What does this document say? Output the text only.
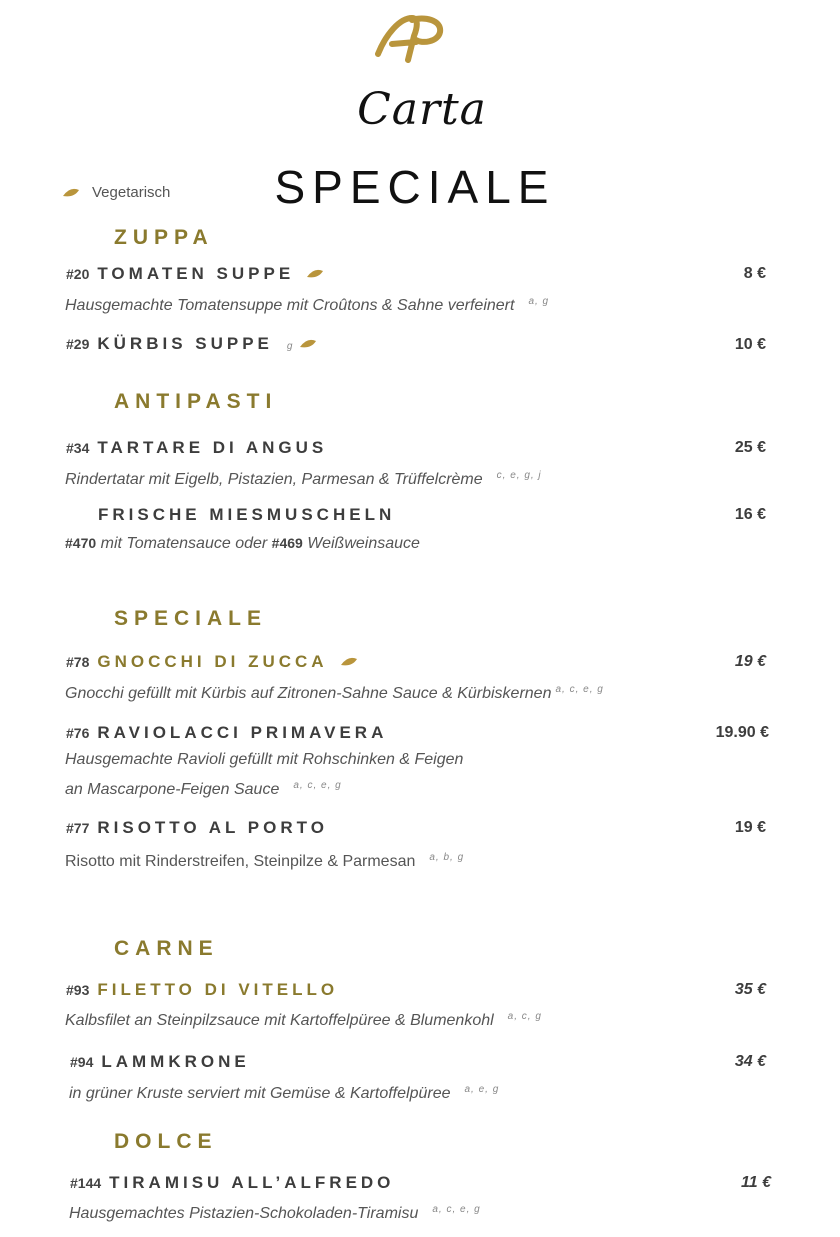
Carta
SPECIALE
Vegetarisch
ZUPPA
#20 TOMATEN SUPPE	8 €
Hausgemachte Tomatensuppe mit Croûtons & Sahne verfeinert $^{a, g}$
#29 KÜRBIS SUPPE g	10 €
ANTIPASTI
#34 TARTARE DI ANGUS	25 €
Rindertatar mit Eigelb, Pistazien, Parmesan & Trüffelcrème $^{c, e, g, j}$
FRISCHE MIESMUSCHELN	16 €
#470 mit Tomatensauce oder #469 Weißweinsauce
SPECIALE
#78 GNOCCHI DI ZUCCA	19 €
Gnocchi gefüllt mit Kürbis auf Zitronen-Sahne Sauce & Kürbiskernen $^{a, c, e, g}$
#76 RAVIOLACCI PRIMAVERA	19.90 €
Hausgemachte Ravioli gefüllt mit Rohschinken & Feigen
an Mascarpone-Feigen Sauce $^{a, c, e, g}$
#77 RISOTTO AL PORTO	19 €
Risotto mit Rinderstreifen, Steinpilze & Parmesan $^{a, b, g}$
CARNE
#93 FILETTO DI VITELLO	35 €
Kalbsfilet an Steinpilzsauce mit Kartoffelpüree & Blumenkohl $^{a, c, g}$
#94 LAMMKRONE	34 €
in grüner Kruste serviert mit Gemüse & Kartoffelpüree $^{a, e, g}$
DOLCE
#144 TIRAMISU ALL’ALFREDO	11 €
Hausgemachtes Pistazien-Schokoladen-Tiramisu $^{a, c, e, g}$
